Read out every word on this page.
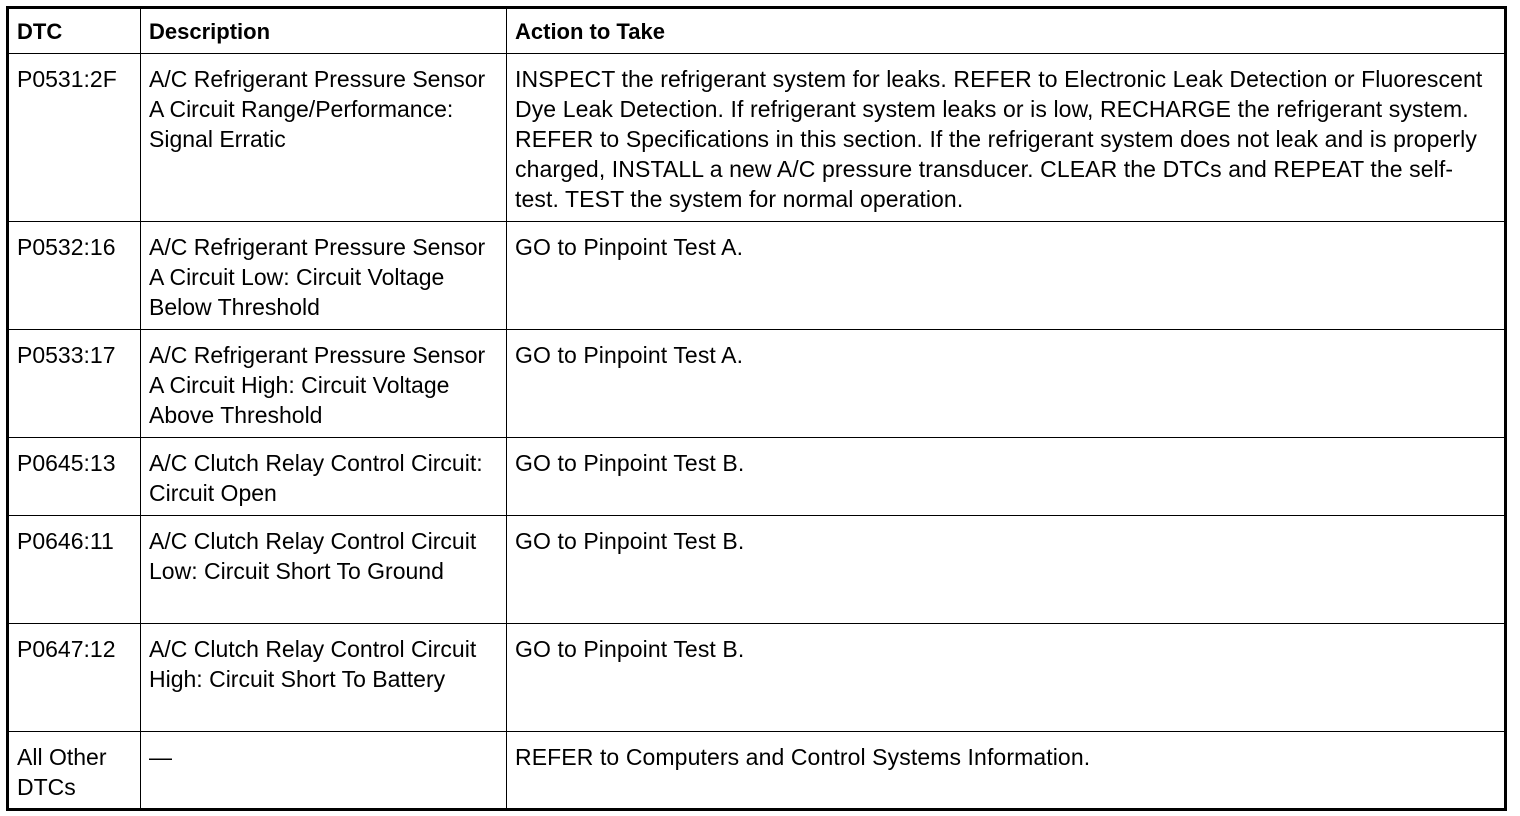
DTC	Description	Action to Take
P0531:2F	A/C Refrigerant Pressure Sensor A Circuit Range/Performance: Signal Erratic	INSPECT the refrigerant system for leaks. REFER to Electronic Leak Detection or Fluorescent Dye Leak Detection. If refrigerant system leaks or is low, RECHARGE the refrigerant system. REFER to Specifications in this section. If the refrigerant system does not leak and is properly charged, INSTALL a new A/C pressure transducer. CLEAR the DTCs and REPEAT the self-test. TEST the system for normal operation.
P0532:16	A/C Refrigerant Pressure Sensor A Circuit Low: Circuit Voltage Below Threshold	GO to Pinpoint Test A.
P0533:17	A/C Refrigerant Pressure Sensor A Circuit High: Circuit Voltage Above Threshold	GO to Pinpoint Test A.
P0645:13	A/C Clutch Relay Control Circuit: Circuit Open	GO to Pinpoint Test B.
P0646:11	A/C Clutch Relay Control Circuit Low: Circuit Short To Ground	GO to Pinpoint Test B.
P0647:12	A/C Clutch Relay Control Circuit High: Circuit Short To Battery	GO to Pinpoint Test B.
All Other DTCs	—	REFER to Computers and Control Systems Information.
